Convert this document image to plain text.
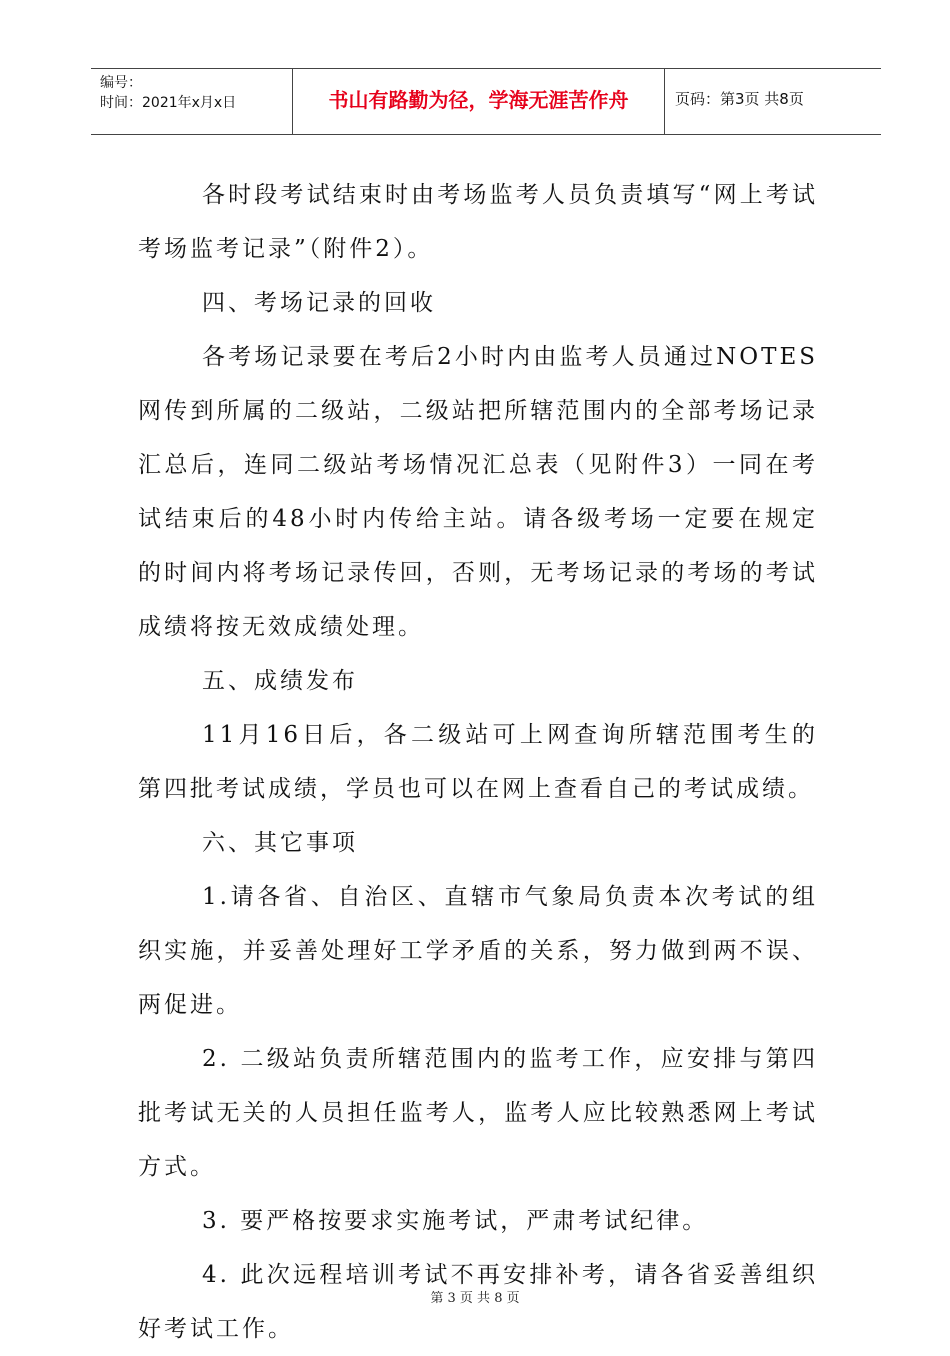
编号：
时间：2021年x月x日	书山有路勤为径，学海无涯苦作舟	页码：第3页 共8页

各时段考试结束时由考场监考人员负责填写“网上考试考场监考记录”（附件2）。

四、考场记录的回收

各考场记录要在考后2小时内由监考人员通过NOTES网传到所属的二级站，二级站把所辖范围内的全部考场记录汇总后，连同二级站考场情况汇总表（见附件3）一同在考试结束后的48小时内传给主站。请各级考场一定要在规定的时间内将考场记录传回，否则，无考场记录的考场的考试成绩将按无效成绩处理。

五、成绩发布

11月16日后，各二级站可上网查询所辖范围考生的第四批考试成绩，学员也可以在网上查看自己的考试成绩。

六、其它事项

1.请各省、自治区、直辖市气象局负责本次考试的组织实施，并妥善处理好工学矛盾的关系，努力做到两不误、两促进。

2. 二级站负责所辖范围内的监考工作，应安排与第四批考试无关的人员担任监考人，监考人应比较熟悉网上考试方式。

3. 要严格按要求实施考试，严肃考试纪律。

4. 此次远程培训考试不再安排补考，请各省妥善组织好考试工作。

第 3 页 共 8 页
